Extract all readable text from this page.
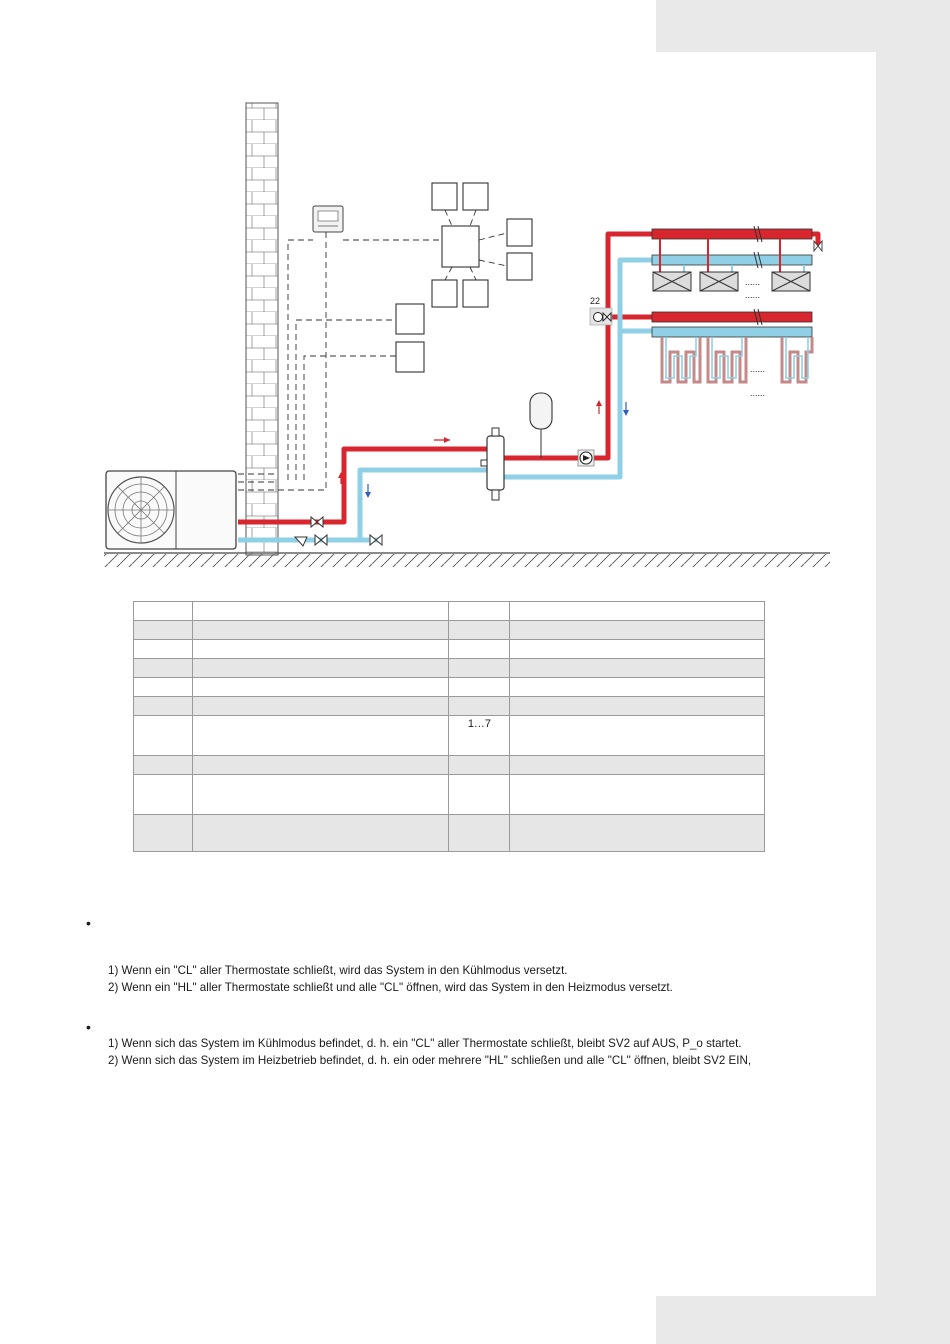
22
......
......
......
......

		1…7	

•
1) Wenn ein "CL" aller Thermostate schließt, wird das System in den Kühlmodus versetzt.
2) Wenn ein "HL" aller Thermostate schließt und alle "CL" öffnen, wird das System in den Heizmodus versetzt.
•
1) Wenn sich das System im Kühlmodus befindet, d. h. ein "CL" aller Thermostate schließt, bleibt SV2 auf AUS, P_o startet.
2) Wenn sich das System im Heizbetrieb befindet, d. h. ein oder mehrere "HL" schließen und alle "CL" öffnen, bleibt SV2 EIN,
